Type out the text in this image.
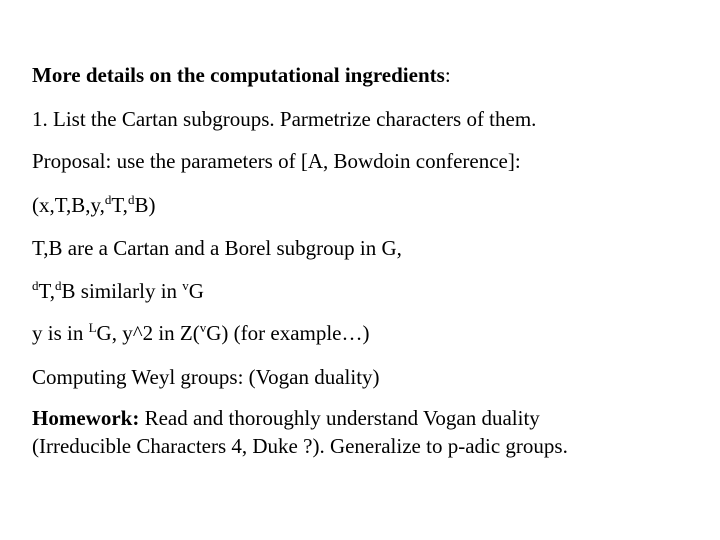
More details on the computational ingredients:
1. List the Cartan subgroups. Parmetrize characters of them.
Proposal: use the parameters of [A, Bowdoin conference]:
(x,T,B,y,$^d$T,$^d$B)
T,B are a Cartan and a Borel subgroup in G,
$^d$T,$^d$B similarly in $^v$G
y is in $^L$G, y^2 in Z($^v$G) (for example…)
Computing Weyl groups: (Vogan duality)
Homework: Read and thoroughly understand Vogan duality
(Irreducible Characters 4, Duke ?). Generalize to p-adic groups.
